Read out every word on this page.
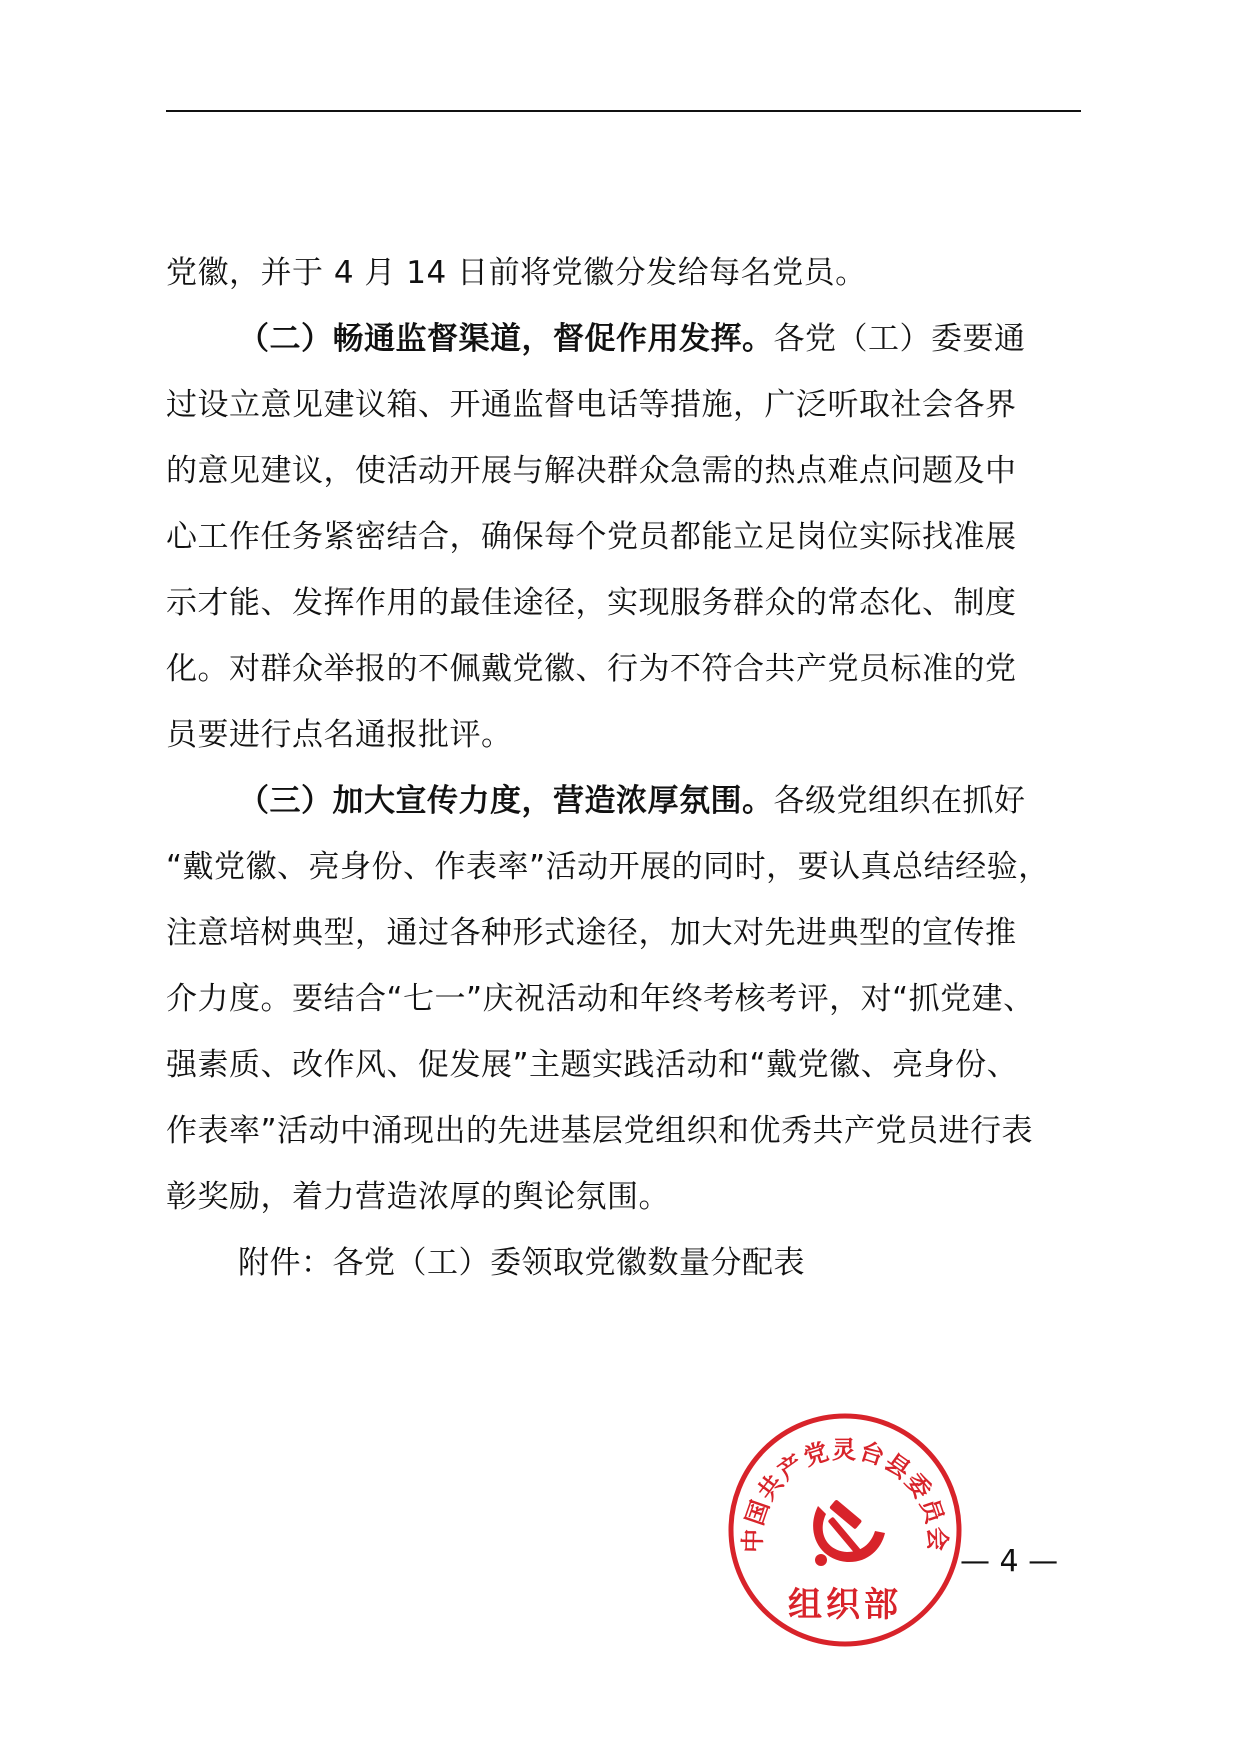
党徽，并于 4 月 14 日前将党徽分发给每名党员。
（二）畅通监督渠道，督促作用发挥。各党（工）委要通
过设立意见建议箱、开通监督电话等措施，广泛听取社会各界
的意见建议，使活动开展与解决群众急需的热点难点问题及中
心工作任务紧密结合，确保每个党员都能立足岗位实际找准展
示才能、发挥作用的最佳途径，实现服务群众的常态化、制度
化。对群众举报的不佩戴党徽、行为不符合共产党员标准的党
员要进行点名通报批评。
（三）加大宣传力度，营造浓厚氛围。各级党组织在抓好
“戴党徽、亮身份、作表率”活动开展的同时，要认真总结经验，
注意培树典型，通过各种形式途径，加大对先进典型的宣传推
介力度。要结合“七一”庆祝活动和年终考核考评，对“抓党建、
强素质、改作风、促发展”主题实践活动和“戴党徽、亮身份、
作表率”活动中涌现出的先进基层党组织和优秀共产党员进行表
彰奖励，着力营造浓厚的舆论氛围。
附件：各党（工）委领取党徽数量分配表
中国共产党灵台县委员会
组织部
— 4 —
